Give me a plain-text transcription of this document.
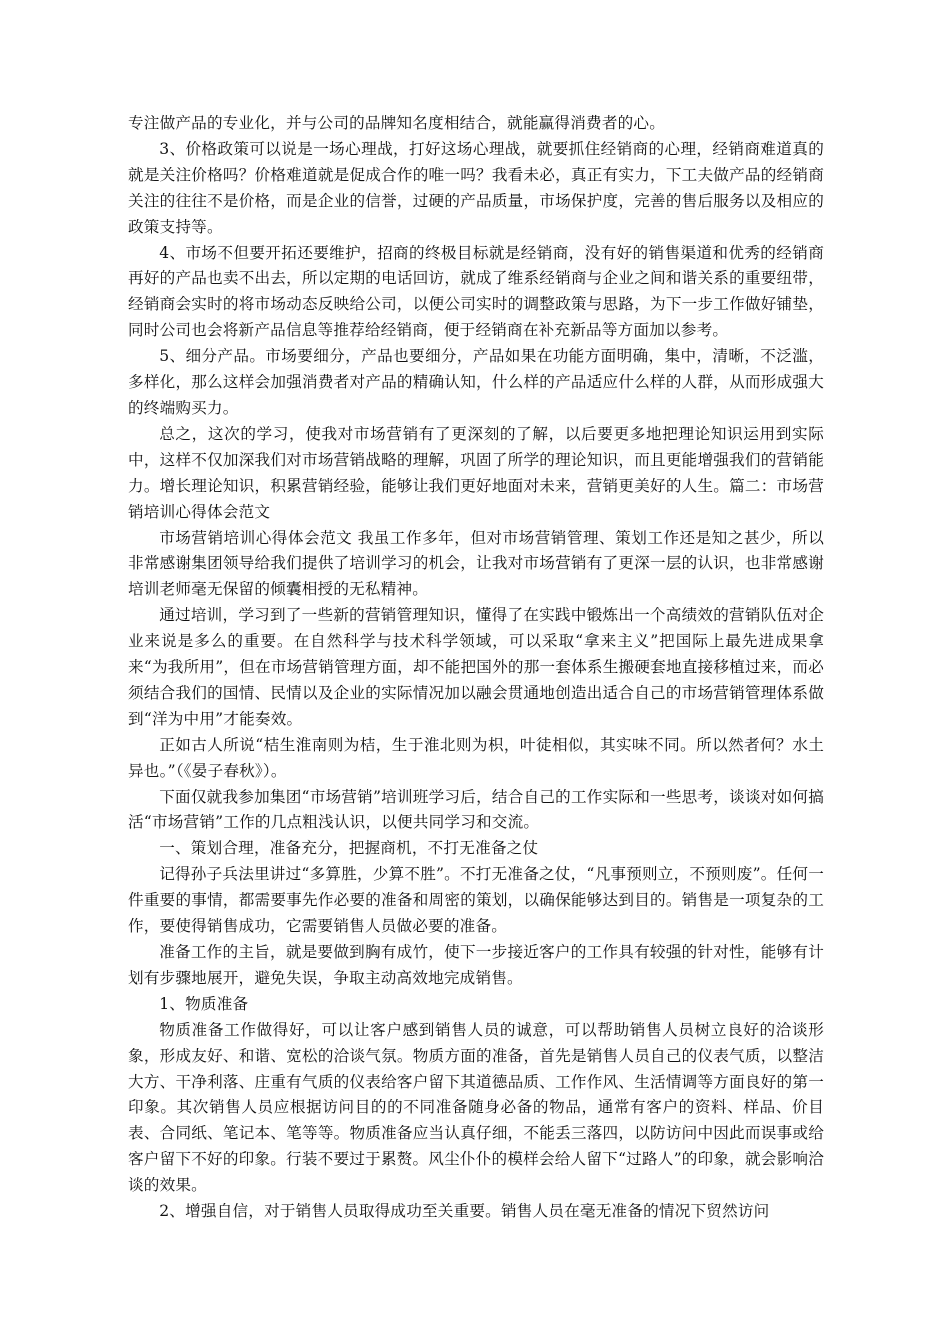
专注做产品的专业化，并与公司的品牌知名度相结合，就能赢得消费者的心。

3、价格政策可以说是一场心理战，打好这场心理战，就要抓住经销商的心理，经销商难道真的就是关注价格吗？价格难道就是促成合作的唯一吗？我看未必，真正有实力，下工夫做产品的经销商关注的往往不是价格，而是企业的信誉，过硬的产品质量，市场保护度，完善的售后服务以及相应的政策支持等。

4、市场不但要开拓还要维护，招商的终极目标就是经销商，没有好的销售渠道和优秀的经销商再好的产品也卖不出去，所以定期的电话回访，就成了维系经销商与企业之间和谐关系的重要纽带，经销商会实时的将市场动态反映给公司，以便公司实时的调整政策与思路，为下一步工作做好铺垫，同时公司也会将新产品信息等推荐给经销商，便于经销商在补充新品等方面加以参考。

5、细分产品。市场要细分，产品也要细分，产品如果在功能方面明确，集中，清晰，不泛滥，多样化，那么这样会加强消费者对产品的精确认知，什么样的产品适应什么样的人群，从而形成强大的终端购买力。

总之，这次的学习，使我对市场营销有了更深刻的了解，以后要更多地把理论知识运用到实际中，这样不仅加深我们对市场营销战略的理解，巩固了所学的理论知识，而且更能增强我们的营销能力。增长理论知识，积累营销经验，能够让我们更好地面对未来，营销更美好的人生。篇二：市场营销培训心得体会范文

市场营销培训心得体会范文 我虽工作多年，但对市场营销管理、策划工作还是知之甚少，所以非常感谢集团领导给我们提供了培训学习的机会，让我对市场营销有了更深一层的认识，也非常感谢培训老师毫无保留的倾囊相授的无私精神。

通过培训，学习到了一些新的营销管理知识，懂得了在实践中锻炼出一个高绩效的营销队伍对企业来说是多么的重要。在自然科学与技术科学领域，可以采取“拿来主义”把国际上最先进成果拿来“为我所用”，但在市场营销管理方面，却不能把国外的那一套体系生搬硬套地直接移植过来，而必须结合我们的国情、民情以及企业的实际情况加以融会贯通地创造出适合自己的市场营销管理体系做到“洋为中用”才能奏效。

正如古人所说“桔生淮南则为桔，生于淮北则为枳，叶徒相似，其实味不同。所以然者何？水土异也。”（《晏子春秋》）。

下面仅就我参加集团“市场营销”培训班学习后，结合自己的工作实际和一些思考，谈谈对如何搞活“市场营销”工作的几点粗浅认识，以便共同学习和交流。

一、策划合理，准备充分，把握商机，不打无准备之仗

记得孙子兵法里讲过“多算胜，少算不胜”。不打无准备之仗，“凡事预则立，不预则废”。任何一件重要的事情，都需要事先作必要的准备和周密的策划，以确保能够达到目的。销售是一项复杂的工作，要使得销售成功，它需要销售人员做必要的准备。

准备工作的主旨，就是要做到胸有成竹，使下一步接近客户的工作具有较强的针对性，能够有计划有步骤地展开，避免失误，争取主动高效地完成销售。

1、物质准备

物质准备工作做得好，可以让客户感到销售人员的诚意，可以帮助销售人员树立良好的洽谈形象，形成友好、和谐、宽松的洽谈气氛。物质方面的准备，首先是销售人员自己的仪表气质，以整洁大方、干净利落、庄重有气质的仪表给客户留下其道德品质、工作作风、生活情调等方面良好的第一印象。其次销售人员应根据访问目的的不同准备随身必备的物品，通常有客户的资料、样品、价目表、合同纸、笔记本、笔等等。物质准备应当认真仔细，不能丢三落四，以防访问中因此而误事或给客户留下不好的印象。行装不要过于累赘。风尘仆仆的模样会给人留下“过路人”的印象，就会影响洽谈的效果。

2、增强自信，对于销售人员取得成功至关重要。销售人员在毫无准备的情况下贸然访问
